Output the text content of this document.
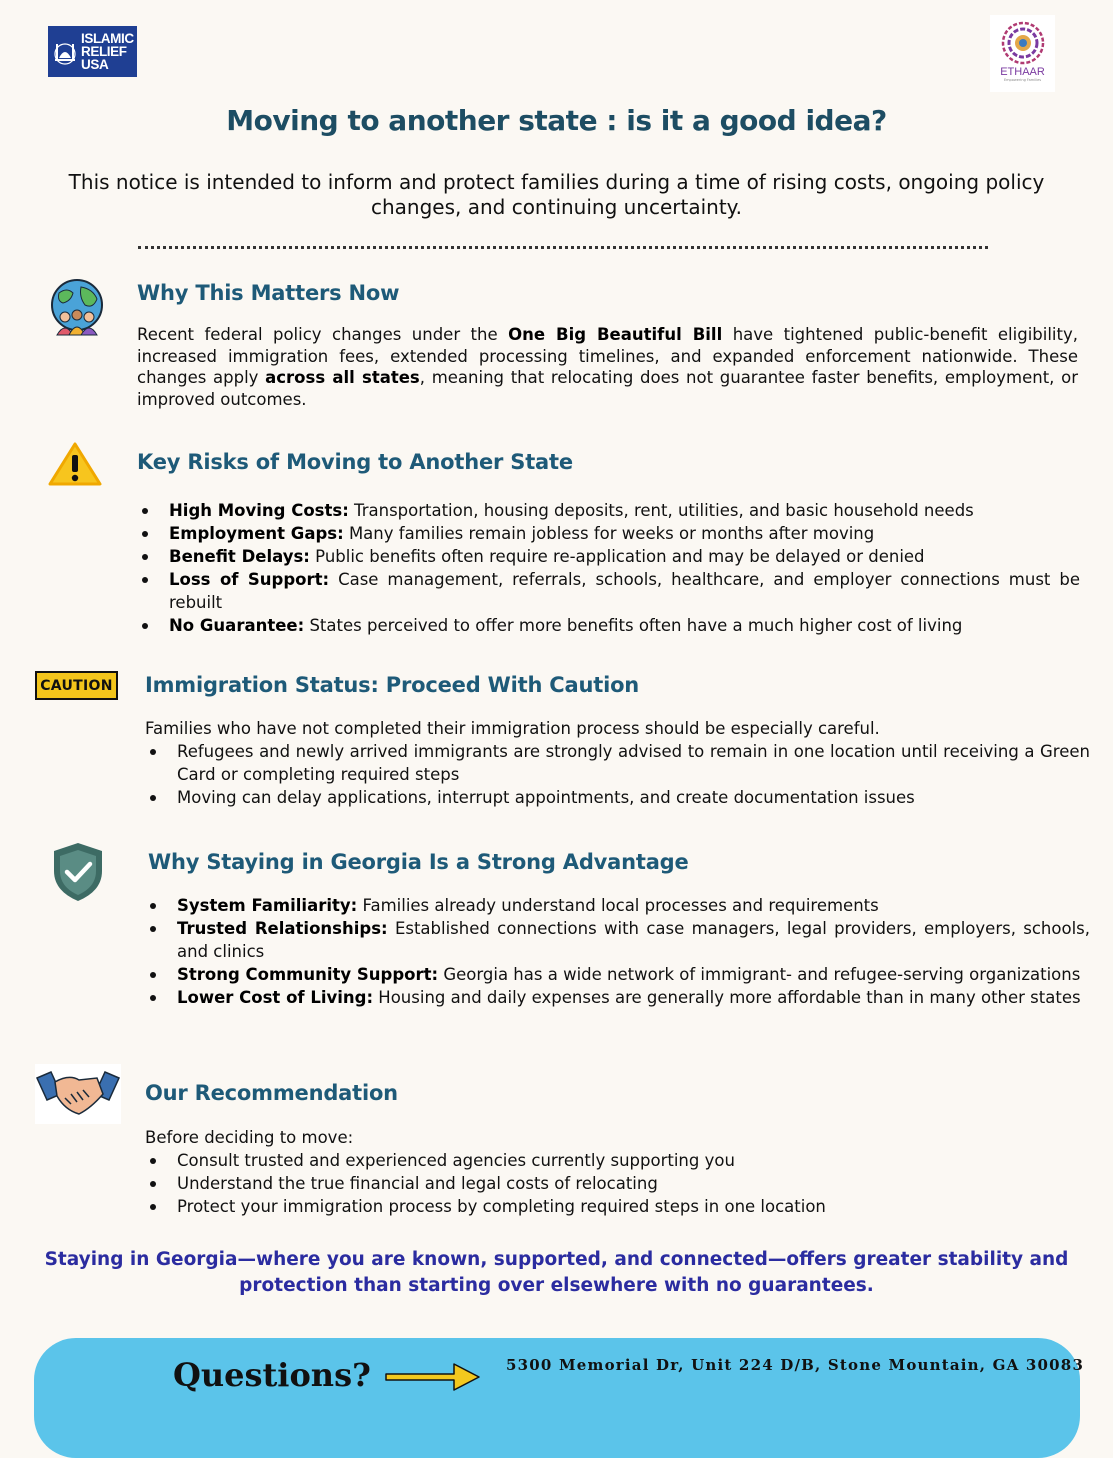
ISLAMIC
RELIEF
USA	ETHAAR
Empowering Families
Moving to another state : is it a good idea?
This notice is intended to inform and protect families during a time of rising costs, ongoing policy changes, and continuing uncertainty.
Why This Matters Now
Recent federal policy changes under the One Big Beautiful Bill have tightened public-benefit eligibility, increased immigration fees, extended processing timelines, and expanded enforcement nationwide. These changes apply across all states, meaning that relocating does not guarantee faster benefits, employment, or improved outcomes.
Key Risks of Moving to Another State
High Moving Costs: Transportation, housing deposits, rent, utilities, and basic household needs
Employment Gaps: Many families remain jobless for weeks or months after moving
Benefit Delays: Public benefits often require re-application and may be delayed or denied
Loss of Support: Case management, referrals, schools, healthcare, and employer connections must be rebuilt
No Guarantee: States perceived to offer more benefits often have a much higher cost of living
CAUTION Immigration Status: Proceed With Caution
Families who have not completed their immigration process should be especially careful.
Refugees and newly arrived immigrants are strongly advised to remain in one location until receiving a Green Card or completing required steps
Moving can delay applications, interrupt appointments, and create documentation issues
Why Staying in Georgia Is a Strong Advantage
System Familiarity: Families already understand local processes and requirements
Trusted Relationships: Established connections with case managers, legal providers, employers, schools, and clinics
Strong Community Support: Georgia has a wide network of immigrant- and refugee-serving organizations
Lower Cost of Living: Housing and daily expenses are generally more affordable than in many other states
Our Recommendation
Before deciding to move:
Consult trusted and experienced agencies currently supporting you
Understand the true financial and legal costs of relocating
Protect your immigration process by completing required steps in one location
Staying in Georgia—where you are known, supported, and connected—offers greater stability and protection than starting over elsewhere with no guarantees.
Questions?	5300 Memorial Dr, Unit 224 D/B, Stone Mountain, GA 30083
